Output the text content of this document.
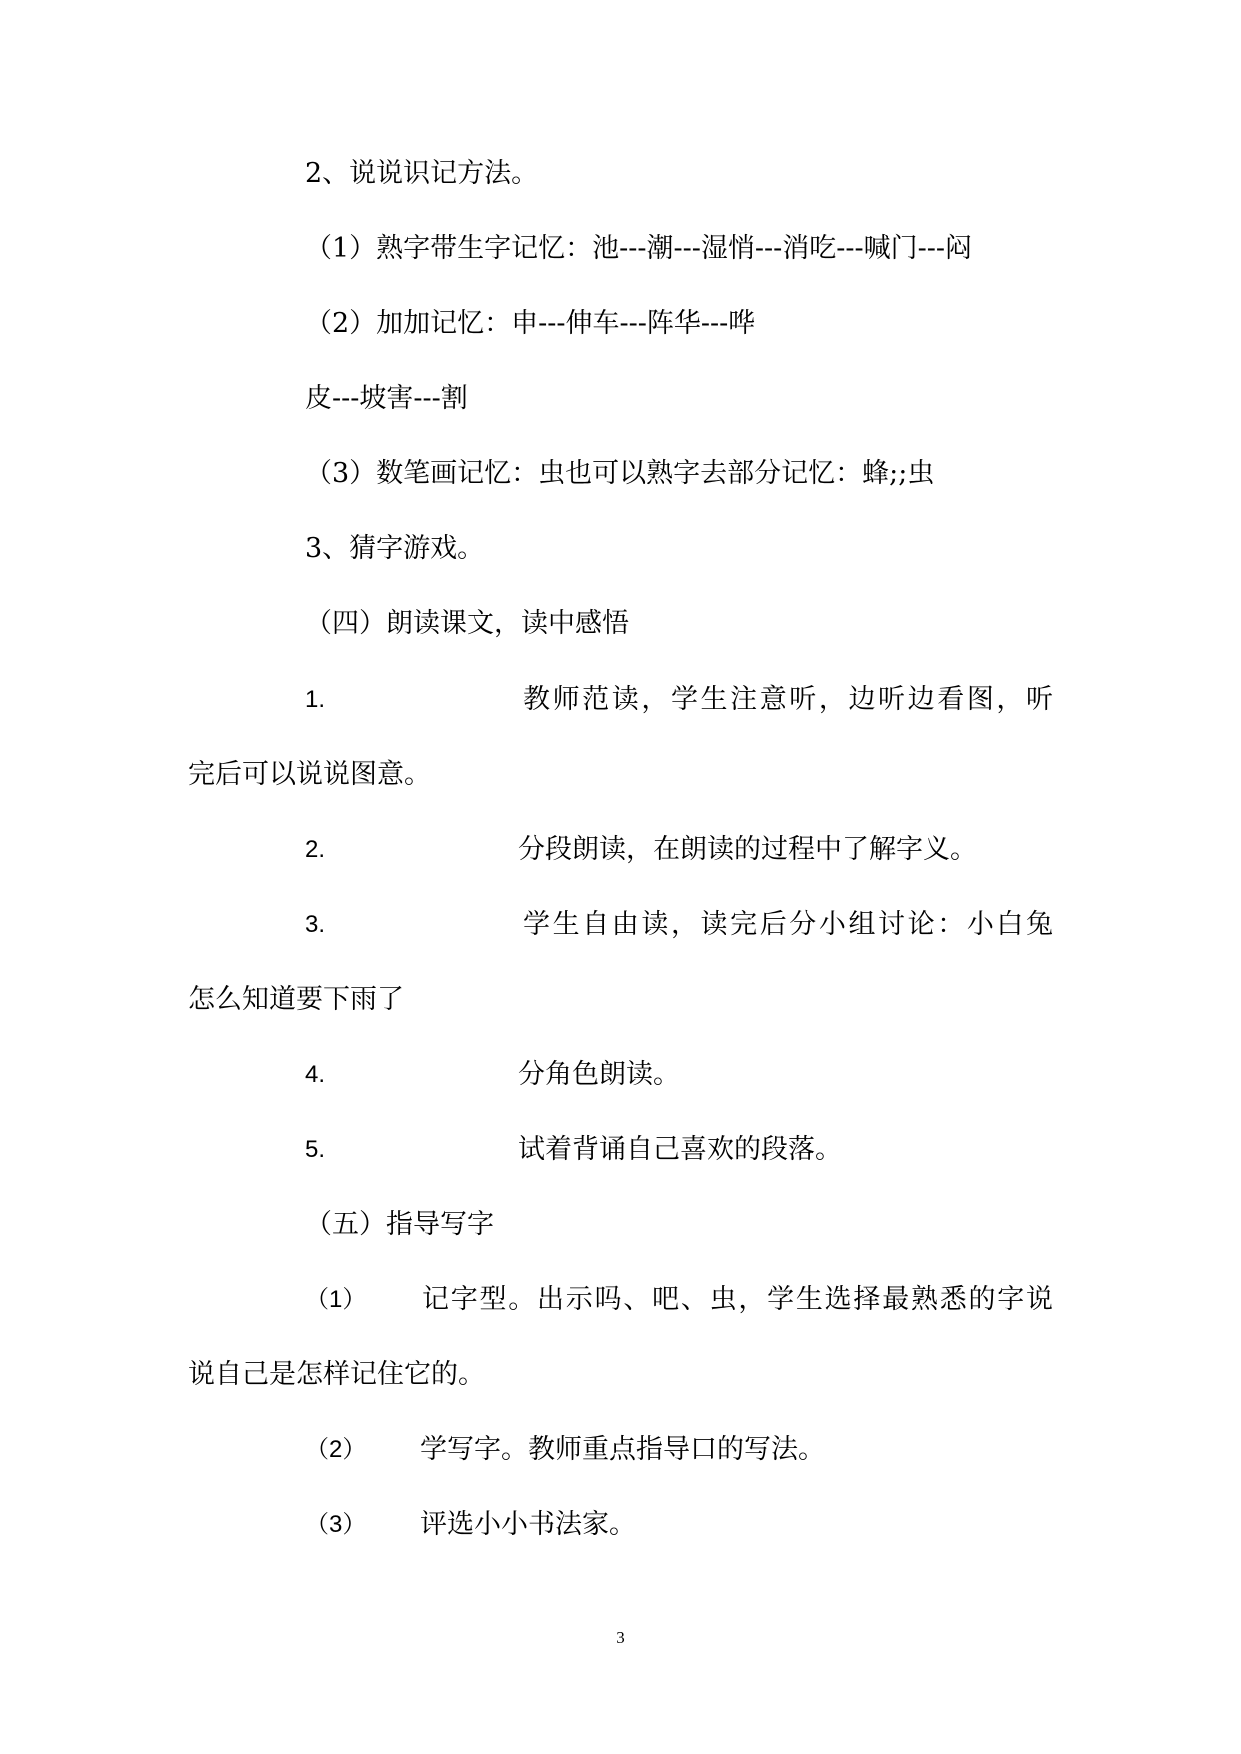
2、说说识记方法。
（1）熟字带生字记忆：池---潮---湿悄---消吃---喊门---闷
（2）加加记忆：申---伸车---阵华---哗
皮---坡害---割
（3）数笔画记忆：虫也可以熟字去部分记忆：蜂;;虫
3、猜字游戏。
（四）朗读课文，读中感悟
1.	教师范读，学生注意听，边听边看图，听
完后可以说说图意。
2.	分段朗读，在朗读的过程中了解字义。
3.	学生自由读，读完后分小组讨论：小白兔
怎么知道要下雨了
4.	分角色朗读。
5.	试着背诵自己喜欢的段落。
（五）指导写字
（1） 记字型。出示吗、吧、虫，学生选择最熟悉的字说
说自己是怎样记住它的。
（2） 学写字。教师重点指导口的写法。
（3） 评选小小书法家。
3
